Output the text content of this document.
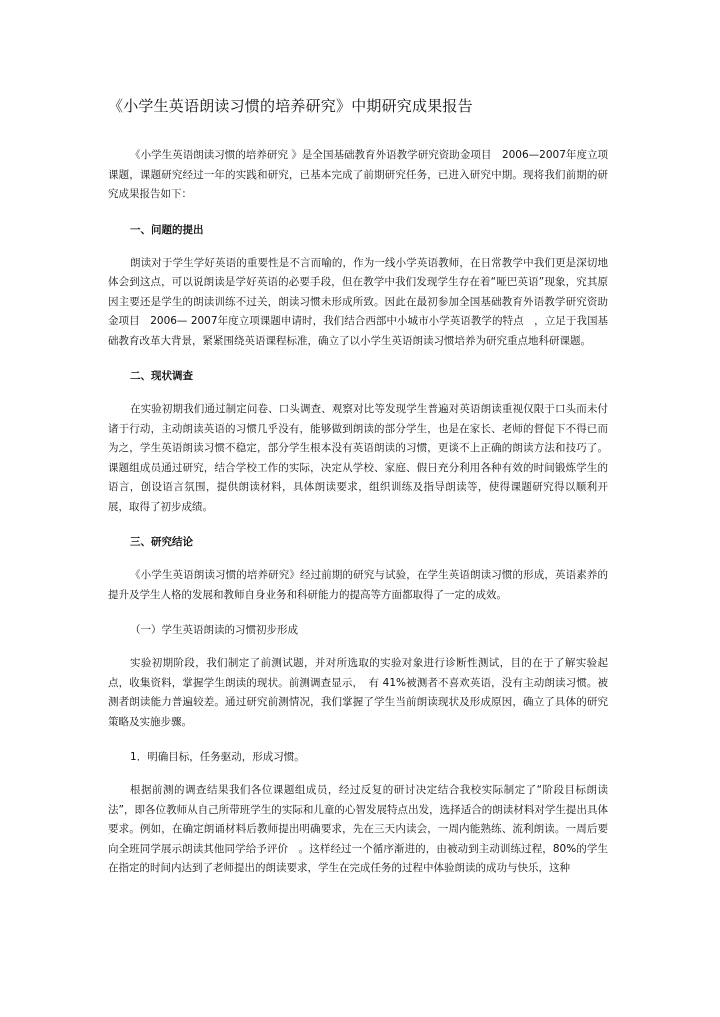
《小学生英语朗读习惯的培养研究》中期研究成果报告

《小学生英语朗读习惯的培养研究 》是全国基础教育外语教学研究资助金项目　2006—2007年度立项课题，课题研究经过一年的实践和研究，已基本完成了前期研究任务，已进入研究中期。现将我们前期的研究成果报告如下：

一、问题的提出

朗读对于学生学好英语的重要性是不言而喻的，作为一线小学英语教师，在日常教学中我们更是深切地体会到这点，可以说朗读是学好英语的必要手段，但在教学中我们发现学生存在着“哑巴英语”现象，究其原因主要还是学生的朗读训练不过关，朗读习惯未形成所致。因此在最初参加全国基础教育外语教学研究资助金项目　2006— 2007年度立项课题申请时，我们结合西部中小城市小学英语教学的特点　，立足于我国基础教育改革大背景，紧紧围绕英语课程标准，确立了以小学生英语朗读习惯培养为研究重点地科研课题。

二、现状调查

在实验初期我们通过制定问卷、口头调查、观察对比等发现学生普遍对英语朗读重视仅限于口头而未付诸于行动，主动朗读英语的习惯几乎没有，能够做到朗读的部分学生，也是在家长、老师的督促下不得已而为之，学生英语朗读习惯不稳定，部分学生根本没有英语朗读的习惯，更谈不上正确的朗读方法和技巧了。课题组成员通过研究，结合学校工作的实际，决定从学校、家庭、假日充分利用各种有效的时间锻炼学生的语言，创设语言氛围，提供朗读材料，具体朗读要求，组织训练及指导朗读等，使得课题研究得以顺利开展，取得了初步成绩。

三、研究结论

《小学生英语朗读习惯的培养研究》经过前期的研究与试验，在学生英语朗读习惯的形成，英语素养的提升及学生人格的发展和教师自身业务和科研能力的提高等方面都取得了一定的成效。

（一）学生英语朗读的习惯初步形成

实验初期阶段，我们制定了前测试题，并对所选取的实验对象进行诊断性测试，目的在于了解实验起点，收集资料，掌握学生朗读的现状。前测调查显示，　有 41%被测者不喜欢英语，没有主动朗读习惯。被测者朗读能力普遍较差。通过研究前测情况，我们掌握了学生当前朗读现状及形成原因，确立了具体的研究策略及实施步骤。

1．明确目标，任务驱动，形成习惯。

根据前测的调查结果我们各位课题组成员，经过反复的研讨决定结合我校实际制定了“阶段目标朗读法”，即各位教师从自己所带班学生的实际和儿童的心智发展特点出发，选择适合的朗读材料对学生提出具体要求。例如，在确定朗诵材料后教师提出明确要求，先在三天内读会，一周内能熟练、流利朗读。一周后要向全班同学展示朗读其他同学给予评价　。这样经过一个循序渐进的，由被动到主动训练过程，80%的学生在指定的时间内达到了老师提出的朗读要求，学生在完成任务的过程中体验朗读的成功与快乐，这种
